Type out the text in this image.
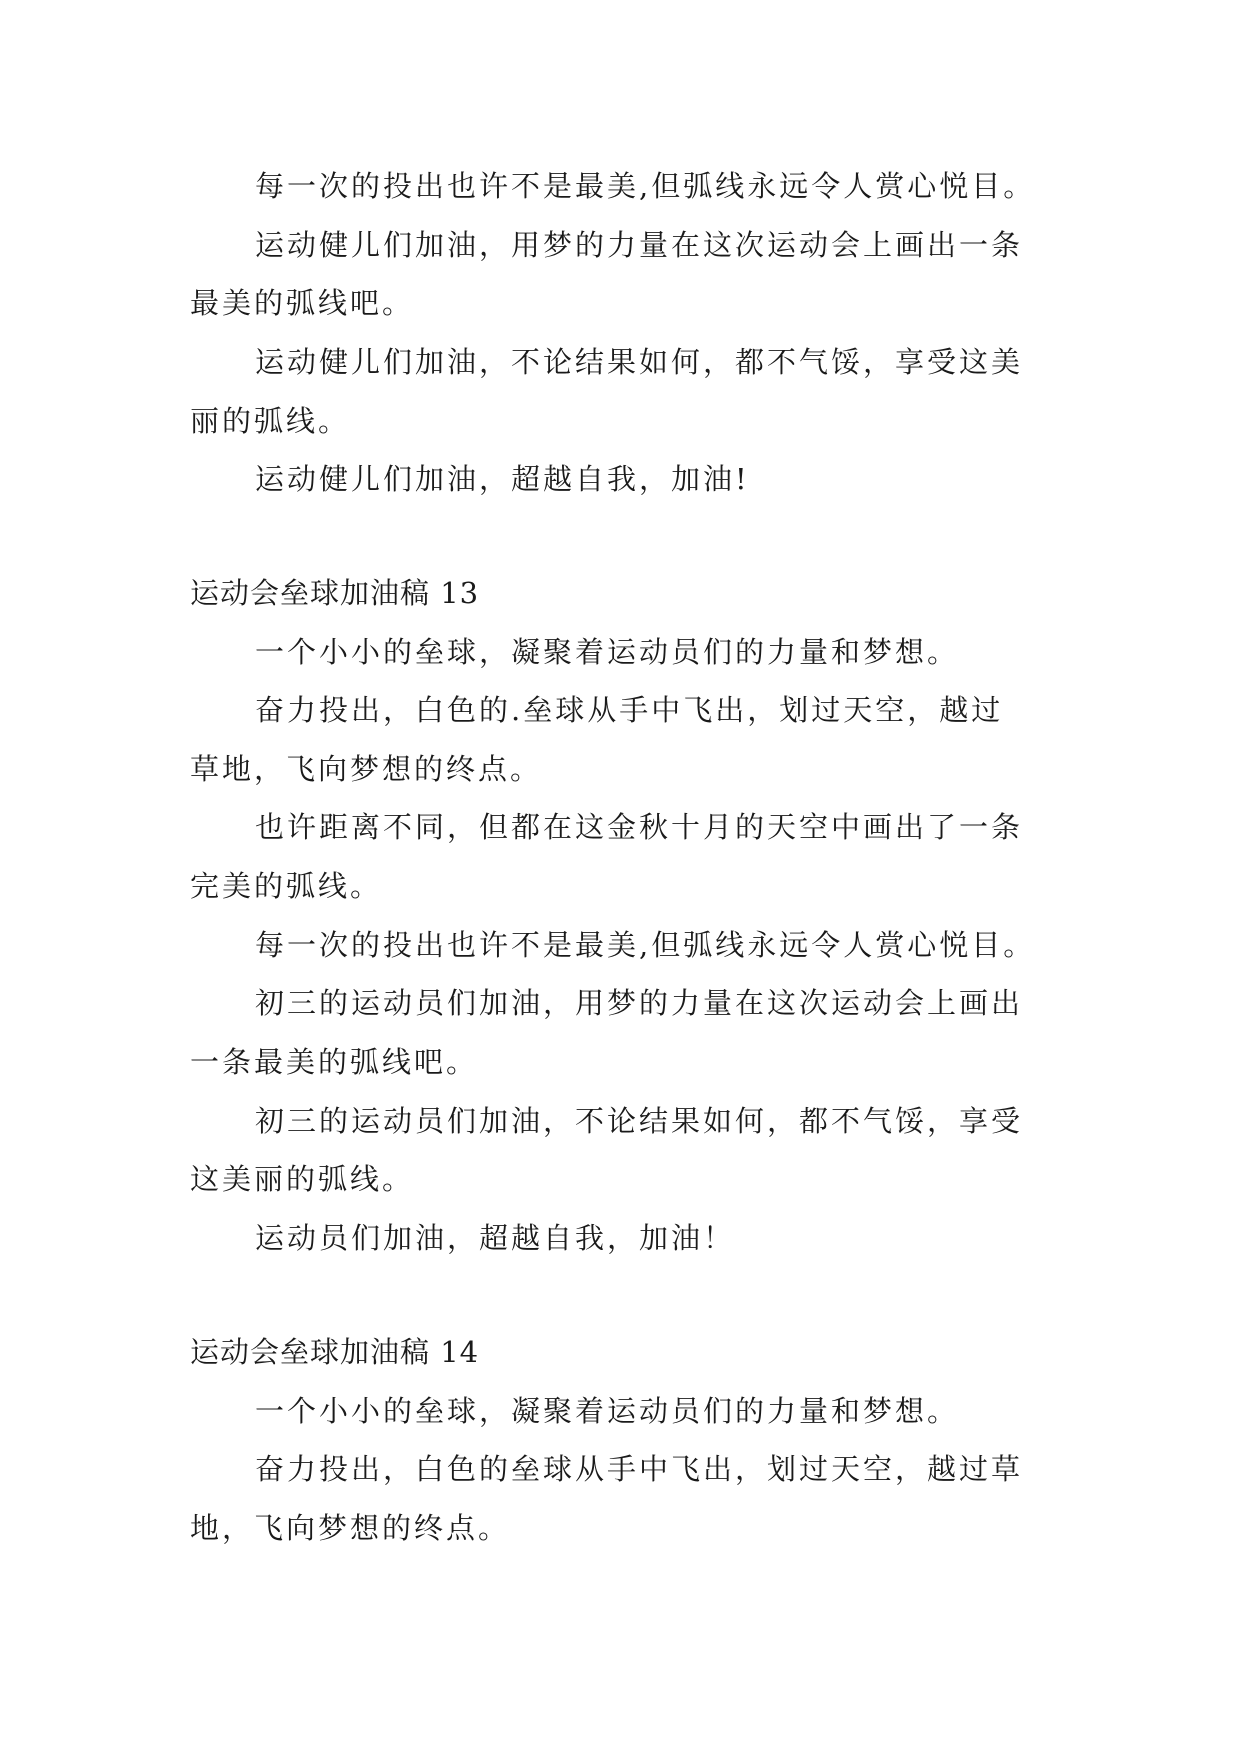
每一次的投出也许不是最美,但弧线永远令人赏心悦目。
运动健儿们加油，用梦的力量在这次运动会上画出一条
最美的弧线吧。
运动健儿们加油，不论结果如何，都不气馁，享受这美
丽的弧线。
运动健儿们加油，超越自我，加油!
运动会垒球加油稿 13
一个小小的垒球，凝聚着运动员们的力量和梦想。
奋力投出，白色的.垒球从手中飞出，划过天空，越过
草地，飞向梦想的终点。
也许距离不同，但都在这金秋十月的天空中画出了一条
完美的弧线。
每一次的投出也许不是最美,但弧线永远令人赏心悦目。
初三的运动员们加油，用梦的力量在这次运动会上画出
一条最美的弧线吧。
初三的运动员们加油，不论结果如何，都不气馁，享受
这美丽的弧线。
运动员们加油，超越自我，加油！
运动会垒球加油稿 14
一个小小的垒球，凝聚着运动员们的力量和梦想。
奋力投出，白色的垒球从手中飞出，划过天空，越过草
地，飞向梦想的终点。
